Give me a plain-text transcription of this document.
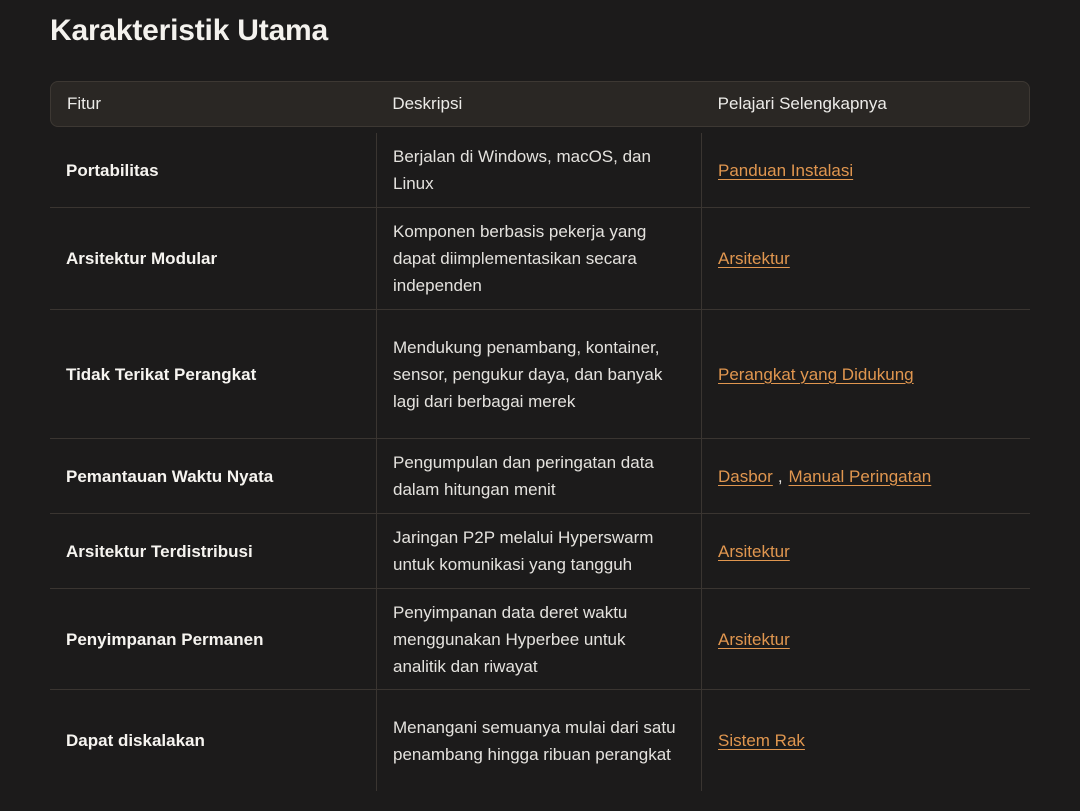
Karakteristik Utama
Fitur	Deskripsi	Pelajari Selengkapnya
Portabilitas
Berjalan di Windows, macOS, dan Linux
Panduan Instalasi
Arsitektur Modular
Komponen berbasis pekerja yang dapat diimplementasikan secara independen
Arsitektur
Tidak Terikat Perangkat
Mendukung penambang, kontainer, sensor, pengukur daya, dan banyak lagi dari berbagai merek
Perangkat yang Didukung
Pemantauan Waktu Nyata
Pengumpulan dan peringatan data dalam hitungan menit
Dasbor , Manual Peringatan
Arsitektur Terdistribusi
Jaringan P2P melalui Hyperswarm untuk komunikasi yang tangguh
Arsitektur
Penyimpanan Permanen
Penyimpanan data deret waktu menggunakan Hyperbee untuk analitik dan riwayat
Arsitektur
Dapat diskalakan
Menangani semuanya mulai dari satu penambang hingga ribuan perangkat
Sistem Rak
